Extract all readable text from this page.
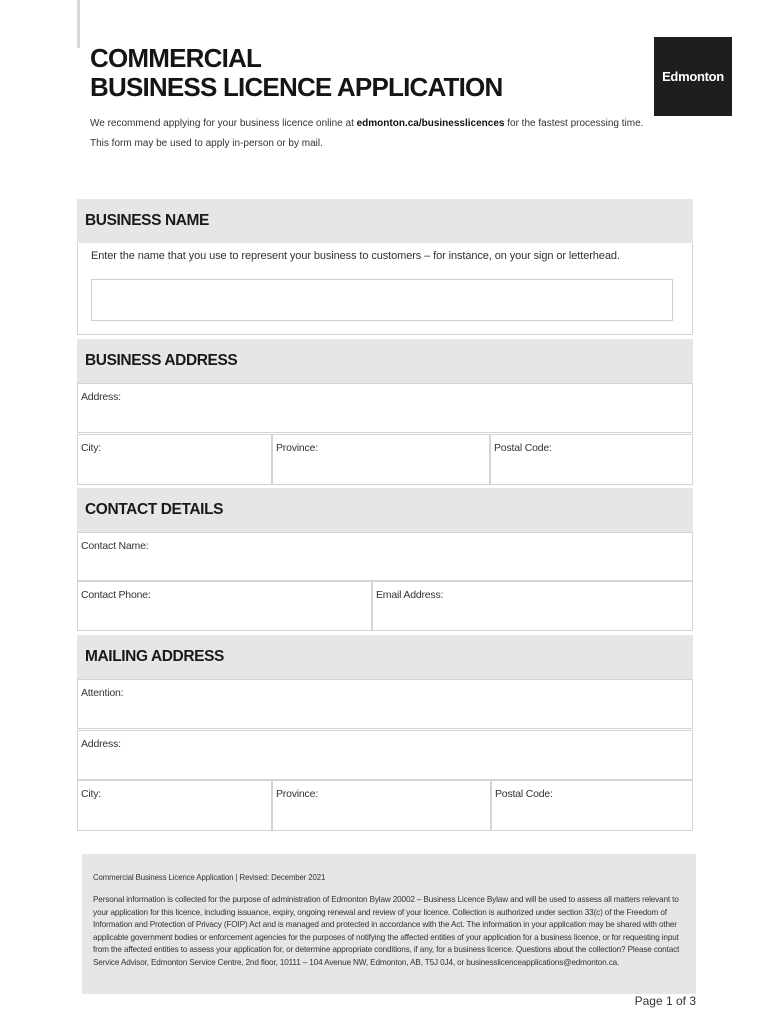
COMMERCIAL
BUSINESS LICENCE APPLICATION	Edmonton

We recommend applying for your business licence online at edmonton.ca/businesslicences for the fastest processing time. This form may be used to apply in-person or by mail.

BUSINESS NAME
Enter the name that you use to represent your business to customers – for instance, on your sign or letterhead.
BUSINESS ADDRESS
Address:
City:	Province:	Postal Code:
CONTACT DETAILS
Contact Name:
Contact Phone:	Email Address:
MAILING ADDRESS
Attention:
Address:
City:	Province:	Postal Code:
Commercial Business Licence Application | Revised: December 2021
Personal information is collected for the purpose of administration of Edmonton Bylaw 20002 – Business Licence Bylaw and will be used to assess all matters relevant to your application for this licence, including issuance, expiry, ongoing renewal and review of your licence. Collection is authorized under section 33(c) of the Freedom of Information and Protection of Privacy (FOIP) Act and is managed and protected in accordance with the Act. The information in your application may be shared with other applicable government bodies or enforcement agencies for the purposes of notifying the affected entities of your application for a business licence, or for requesting input from the affected entities to assess your application for, or determine appropriate conditions, if any, for a business licence. Questions about the collection? Please contact Service Advisor, Edmonton Service Centre, 2nd floor, 10111 – 104 Avenue NW, Edmonton, AB, T5J 0J4, or businesslicenceapplications@edmonton.ca.
Page 1 of 3
